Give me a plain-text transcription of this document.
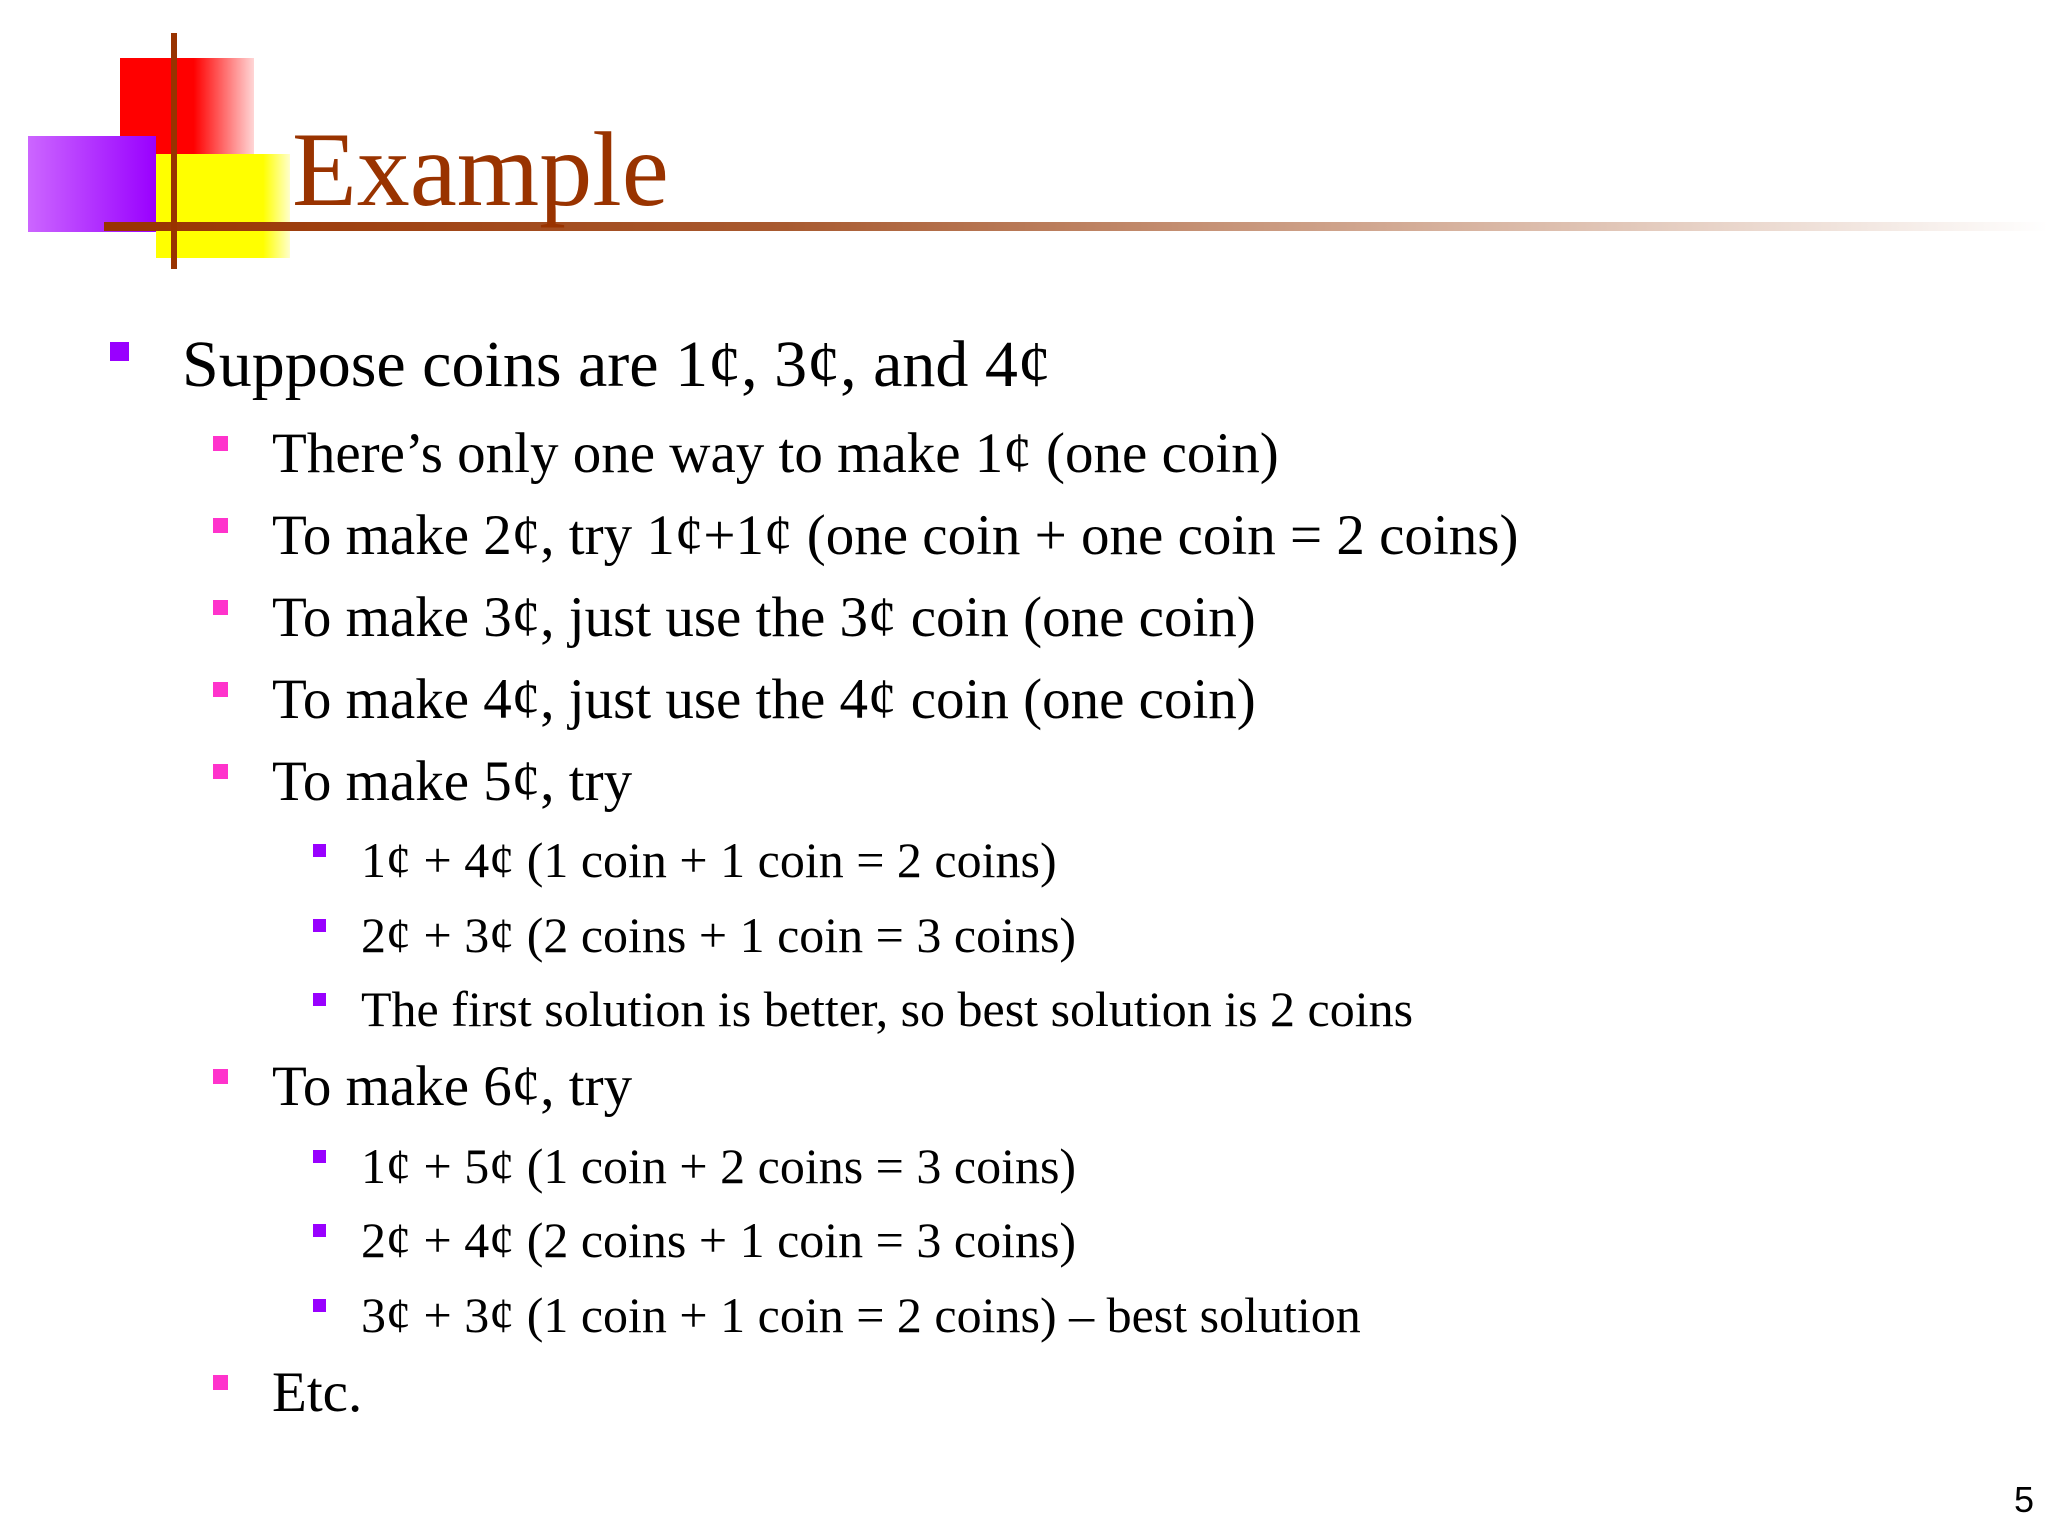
Example
Suppose coins are 1¢, 3¢, and 4¢
There’s only one way to make 1¢ (one coin)
To make 2¢, try 1¢+1¢ (one coin + one coin = 2 coins)
To make 3¢, just use the 3¢ coin (one coin)
To make 4¢, just use the 4¢ coin (one coin)
To make 5¢, try
1¢ + 4¢ (1 coin + 1 coin = 2 coins)
2¢ + 3¢ (2 coins + 1 coin = 3 coins)
The first solution is better, so best solution is 2 coins
To make 6¢, try
1¢ + 5¢ (1 coin + 2 coins = 3 coins)
2¢ + 4¢ (2 coins + 1 coin = 3 coins)
3¢ + 3¢ (1 coin + 1 coin = 2 coins) – best solution
Etc.
5
